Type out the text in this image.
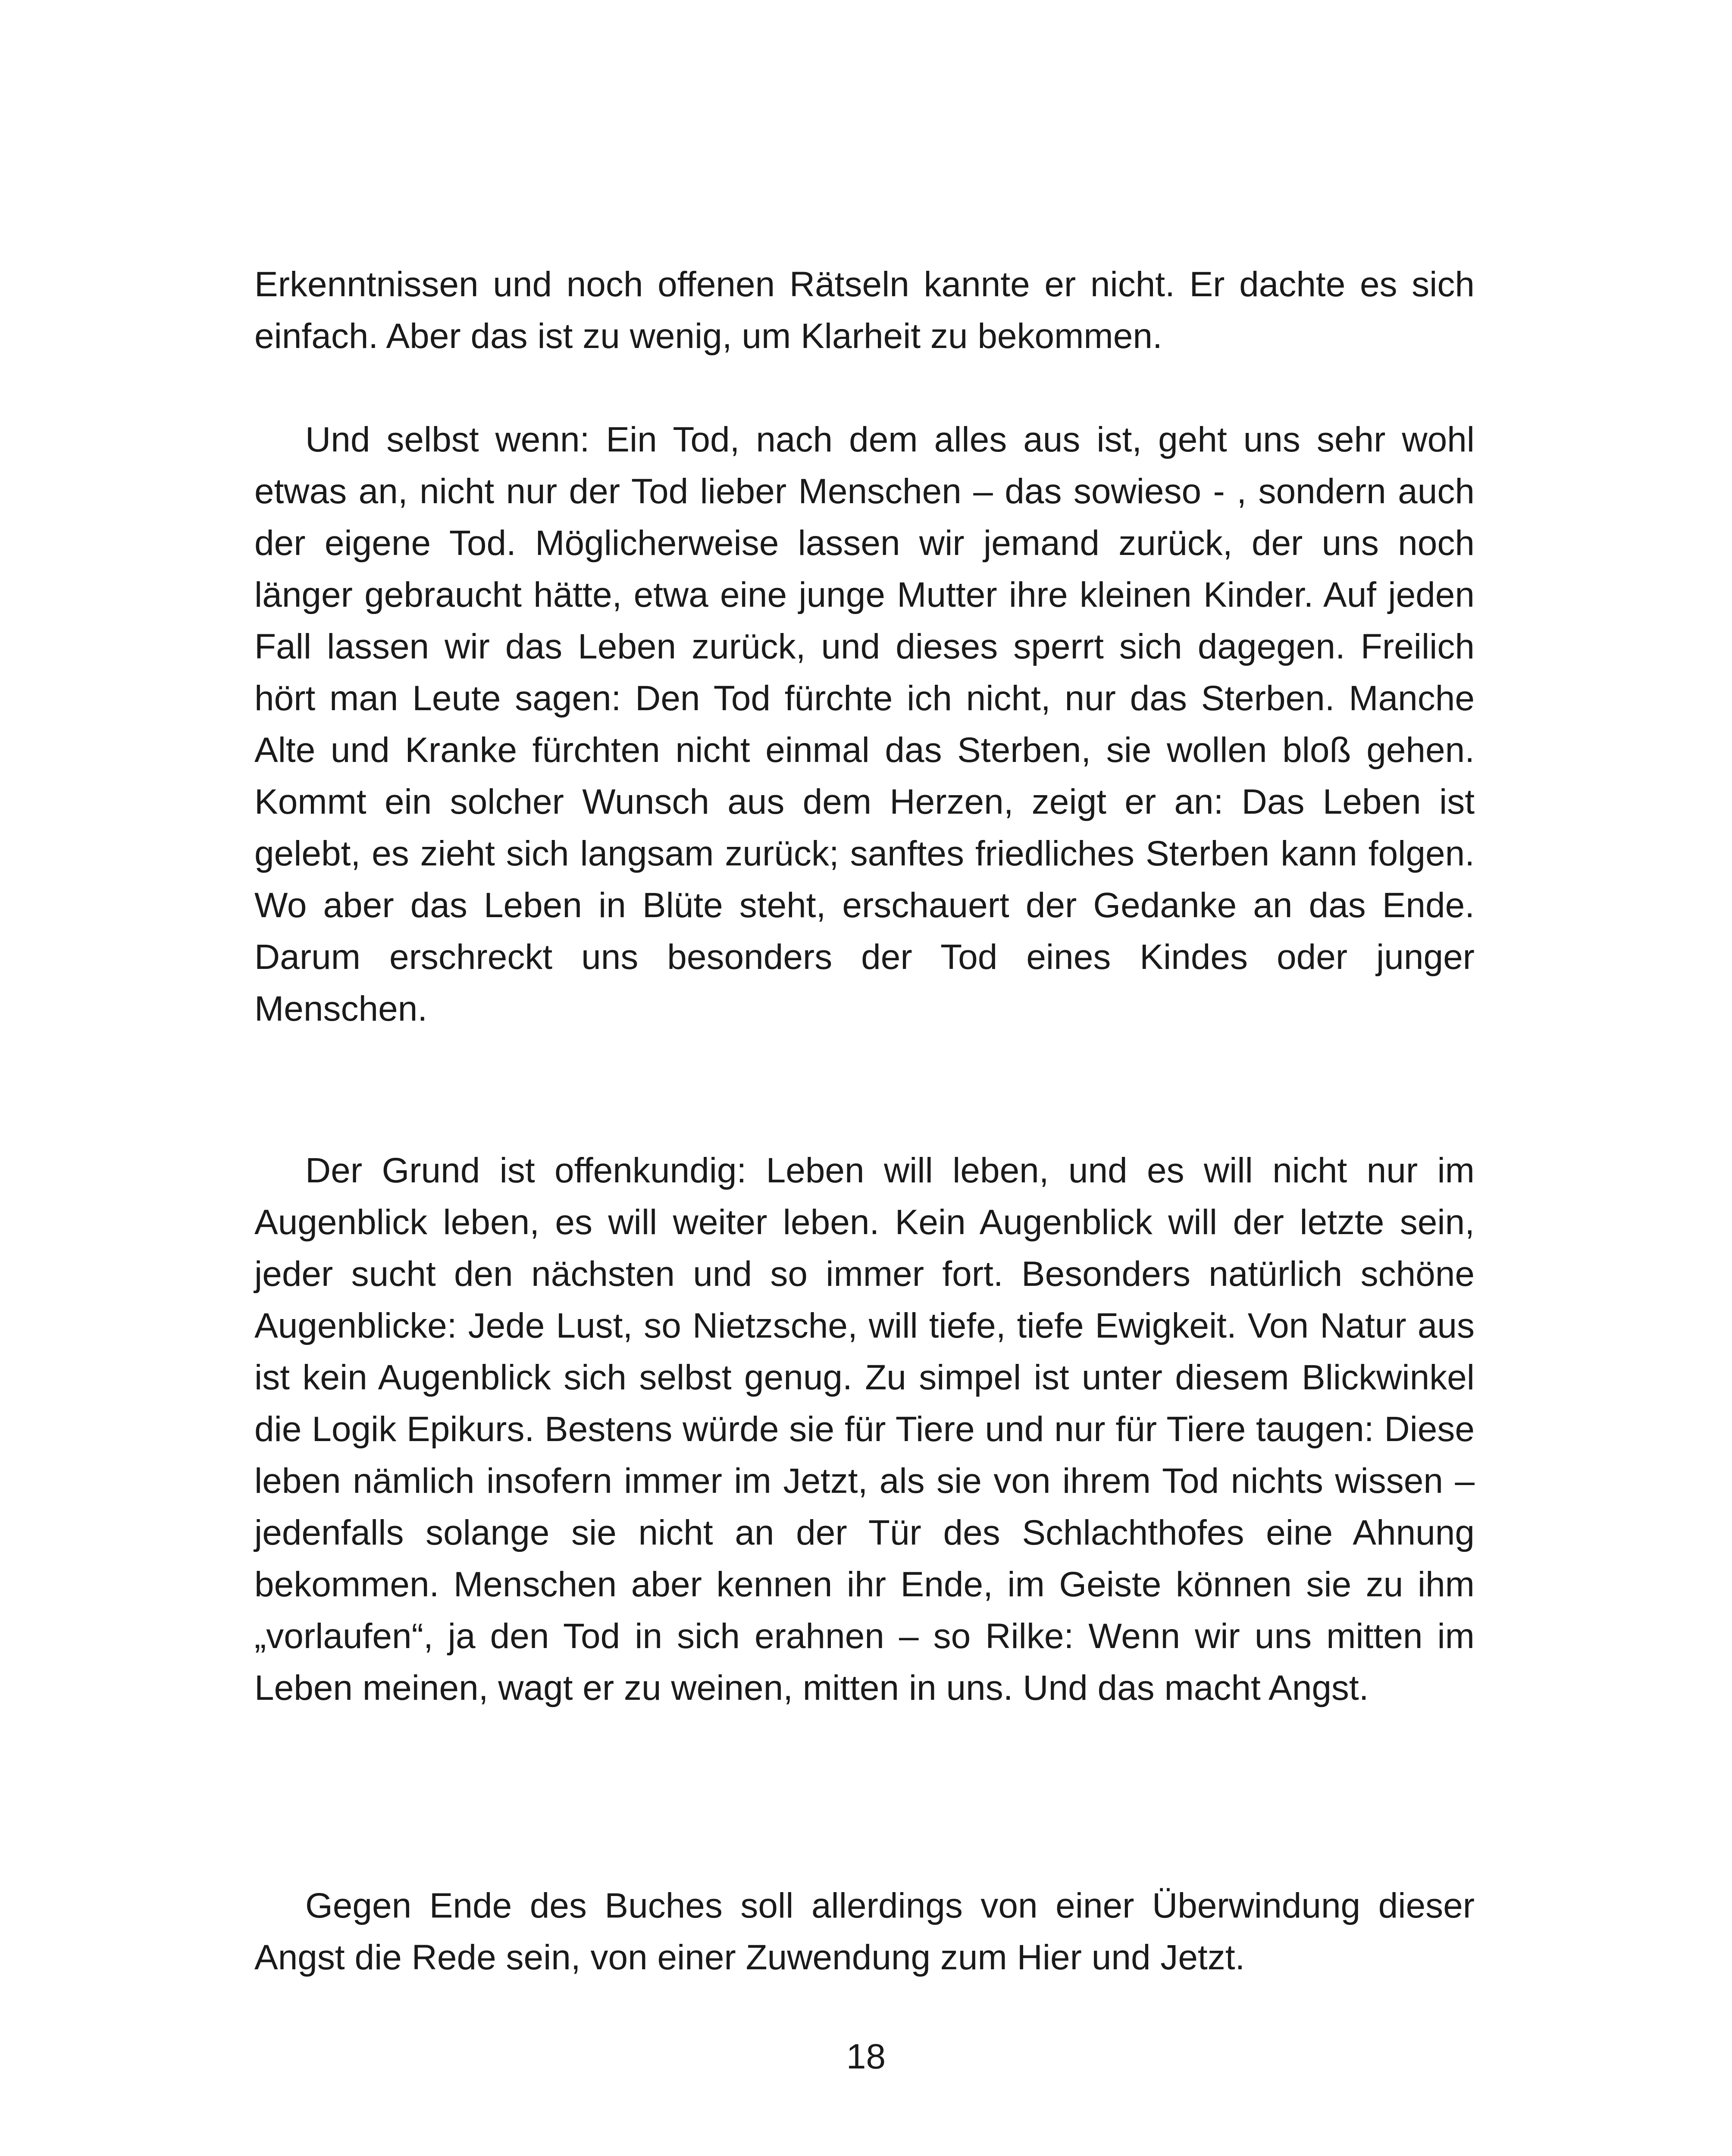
Erkenntnissen und noch offenen Rätseln kannte er nicht. Er dachte es sich einfach. Aber das ist zu wenig, um Klarheit zu bekommen.

Und selbst wenn: Ein Tod, nach dem alles aus ist, geht uns sehr wohl etwas an, nicht nur der Tod lieber Menschen – das sowieso - , sondern auch der eigene Tod. Möglicherweise lassen wir jemand zurück, der uns noch länger gebraucht hätte, etwa eine junge Mutter ihre kleinen Kinder. Auf jeden Fall lassen wir das Leben zurück, und dieses sperrt sich dagegen. Freilich hört man Leute sagen: Den Tod fürchte ich nicht, nur das Sterben. Manche Alte und Kranke fürchten nicht einmal das Sterben, sie wollen bloß gehen. Kommt ein solcher Wunsch aus dem Herzen, zeigt er an: Das Leben ist gelebt, es zieht sich langsam zurück; sanftes friedliches Sterben kann folgen. Wo aber das Leben in Blüte steht, erschauert der Gedanke an das Ende. Darum erschreckt uns besonders der Tod eines Kindes oder junger Menschen.

Der Grund ist offenkundig: Leben will leben, und es will nicht nur im Augenblick leben, es will weiter leben. Kein Augenblick will der letzte sein, jeder sucht den nächsten und so immer fort. Besonders natürlich schöne Augenblicke: Jede Lust, so Nietzsche, will tiefe, tiefe Ewigkeit. Von Natur aus ist kein Augenblick sich selbst genug. Zu simpel ist unter diesem Blickwinkel die Logik Epikurs. Bestens würde sie für Tiere und nur für Tiere taugen: Diese leben nämlich insofern immer im Jetzt, als sie von ihrem Tod nichts wissen – jedenfalls solange sie nicht an der Tür des Schlachthofes eine Ahnung bekommen. Menschen aber kennen ihr Ende, im Geiste können sie zu ihm „vorlaufen“, ja den Tod in sich erahnen – so Rilke: Wenn wir uns mitten im Leben meinen, wagt er zu weinen, mitten in uns. Und das macht Angst.

Gegen Ende des Buches soll allerdings von einer Überwindung dieser Angst die Rede sein, von einer Zuwendung zum Hier und Jetzt.

18
